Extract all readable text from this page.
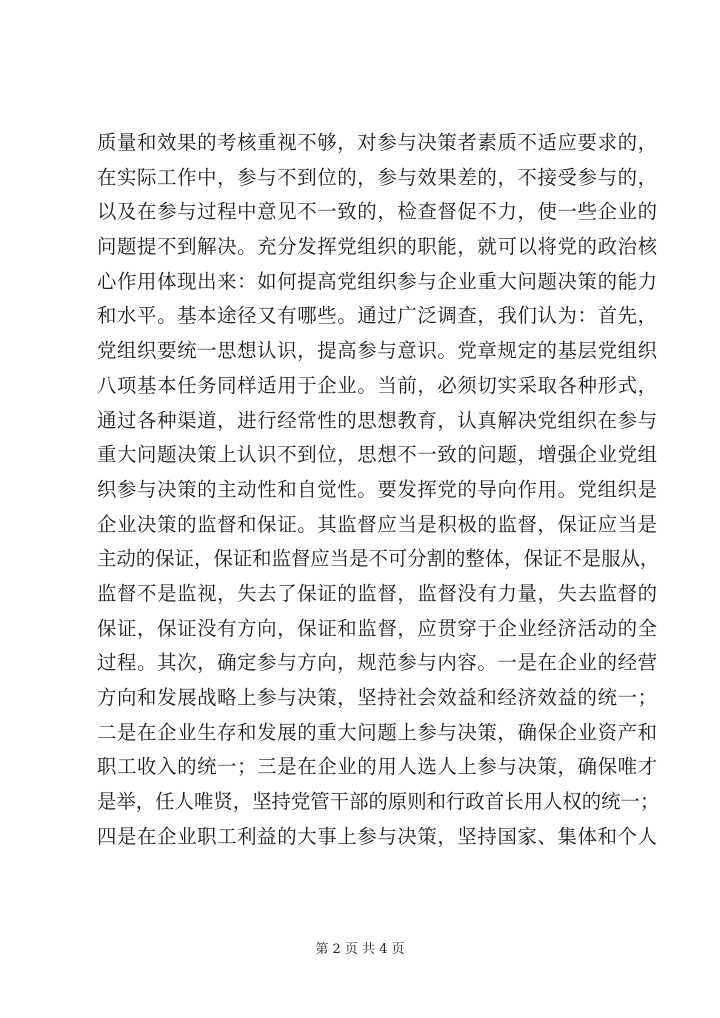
质量和效果的考核重视不够，对参与决策者素质不适应要求的，
在实际工作中，参与不到位的，参与效果差的，不接受参与的，
以及在参与过程中意见不一致的，检查督促不力，使一些企业的
问题提不到解决。充分发挥党组织的职能，就可以将党的政治核
心作用体现出来：如何提高党组织参与企业重大问题决策的能力
和水平。基本途径又有哪些。通过广泛调查，我们认为：首先，
党组织要统一思想认识，提高参与意识。党章规定的基层党组织
八项基本任务同样适用于企业。当前，必须切实采取各种形式，
通过各种渠道，进行经常性的思想教育，认真解决党组织在参与
重大问题决策上认识不到位，思想不一致的问题，增强企业党组
织参与决策的主动性和自觉性。要发挥党的导向作用。党组织是
企业决策的监督和保证。其监督应当是积极的监督，保证应当是
主动的保证，保证和监督应当是不可分割的整体，保证不是服从，
监督不是监视，失去了保证的监督，监督没有力量，失去监督的
保证，保证没有方向，保证和监督，应贯穿于企业经济活动的全
过程。其次，确定参与方向，规范参与内容。一是在企业的经营
方向和发展战略上参与决策，坚持社会效益和经济效益的统一；
二是在企业生存和发展的重大问题上参与决策，确保企业资产和
职工收入的统一；三是在企业的用人选人上参与决策，确保唯才
是举，任人唯贤，坚持党管干部的原则和行政首长用人权的统一；
四是在企业职工利益的大事上参与决策，坚持国家、集体和个人
第 2 页 共 4 页
